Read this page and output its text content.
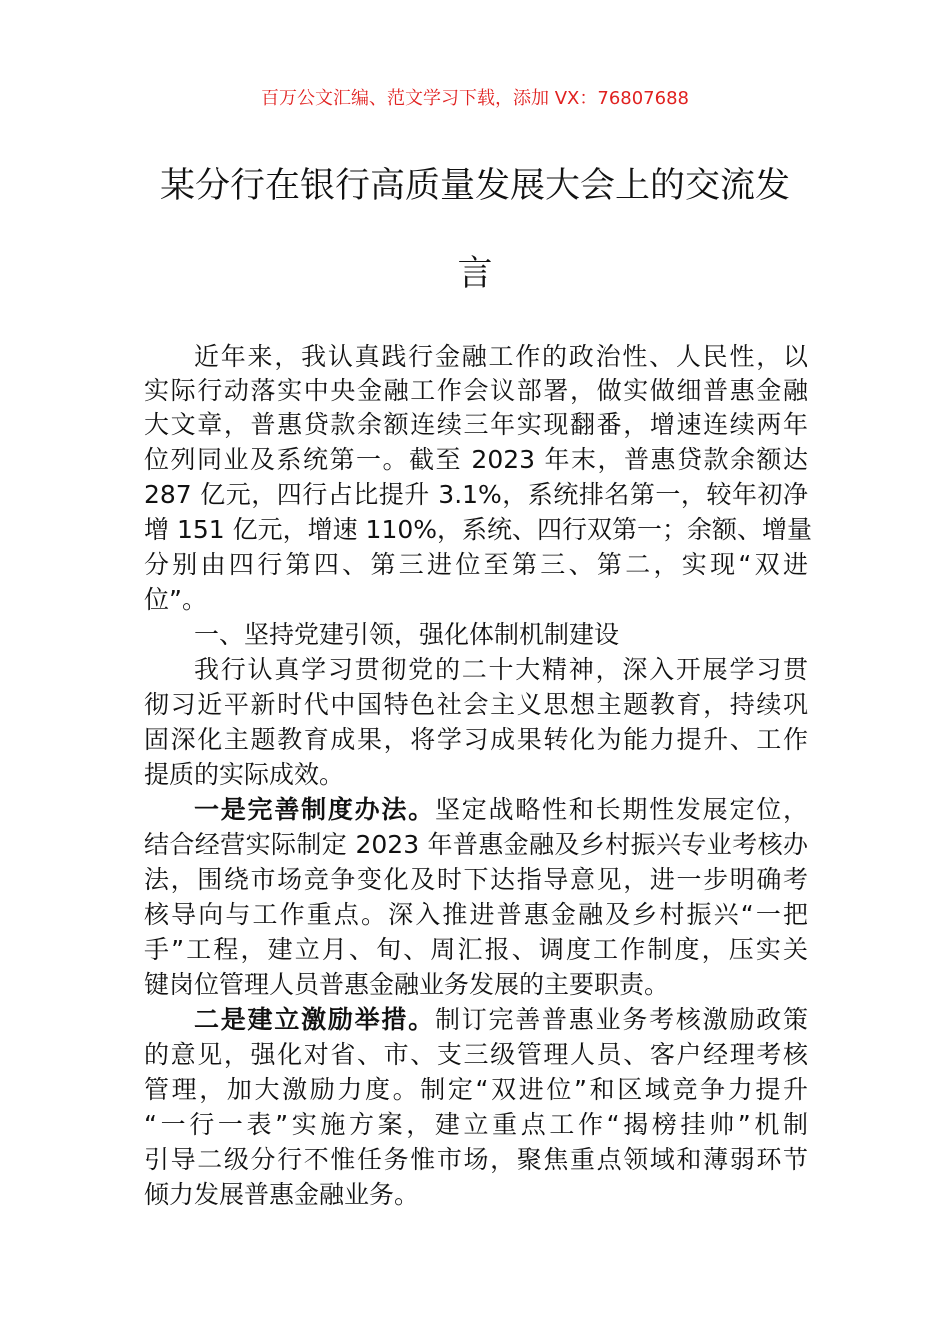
百万公文汇编、范文学习下载，添加 VX：76807688
某分行在银行高质量发展大会上的交流发
言
近年来，我认真践行金融工作的政治性、人民性，以
实际行动落实中央金融工作会议部署，做实做细普惠金融
大文章，普惠贷款余额连续三年实现翻番，增速连续两年
位列同业及系统第一。截至 2023 年末，普惠贷款余额达
287 亿元，四行占比提升 3.1%，系统排名第一，较年初净
增 151 亿元，增速 110%，系统、四行双第一；余额、增量
分别由四行第四、第三进位至第三、第二，实现“双进
位”。
一、坚持党建引领，强化体制机制建设
我行认真学习贯彻党的二十大精神，深入开展学习贯
彻习近平新时代中国特色社会主义思想主题教育，持续巩
固深化主题教育成果，将学习成果转化为能力提升、工作
提质的实际成效。
一是完善制度办法。坚定战略性和长期性发展定位，
结合经营实际制定 2023 年普惠金融及乡村振兴专业考核办
法，围绕市场竞争变化及时下达指导意见，进一步明确考
核导向与工作重点。深入推进普惠金融及乡村振兴“一把
手”工程，建立月、旬、周汇报、调度工作制度，压实关
键岗位管理人员普惠金融业务发展的主要职责。
二是建立激励举措。制订完善普惠业务考核激励政策
的意见，强化对省、市、支三级管理人员、客户经理考核
管理，加大激励力度。制定“双进位”和区域竞争力提升
“一行一表”实施方案，建立重点工作“揭榜挂帅”机制
引导二级分行不惟任务惟市场，聚焦重点领域和薄弱环节
倾力发展普惠金融业务。
